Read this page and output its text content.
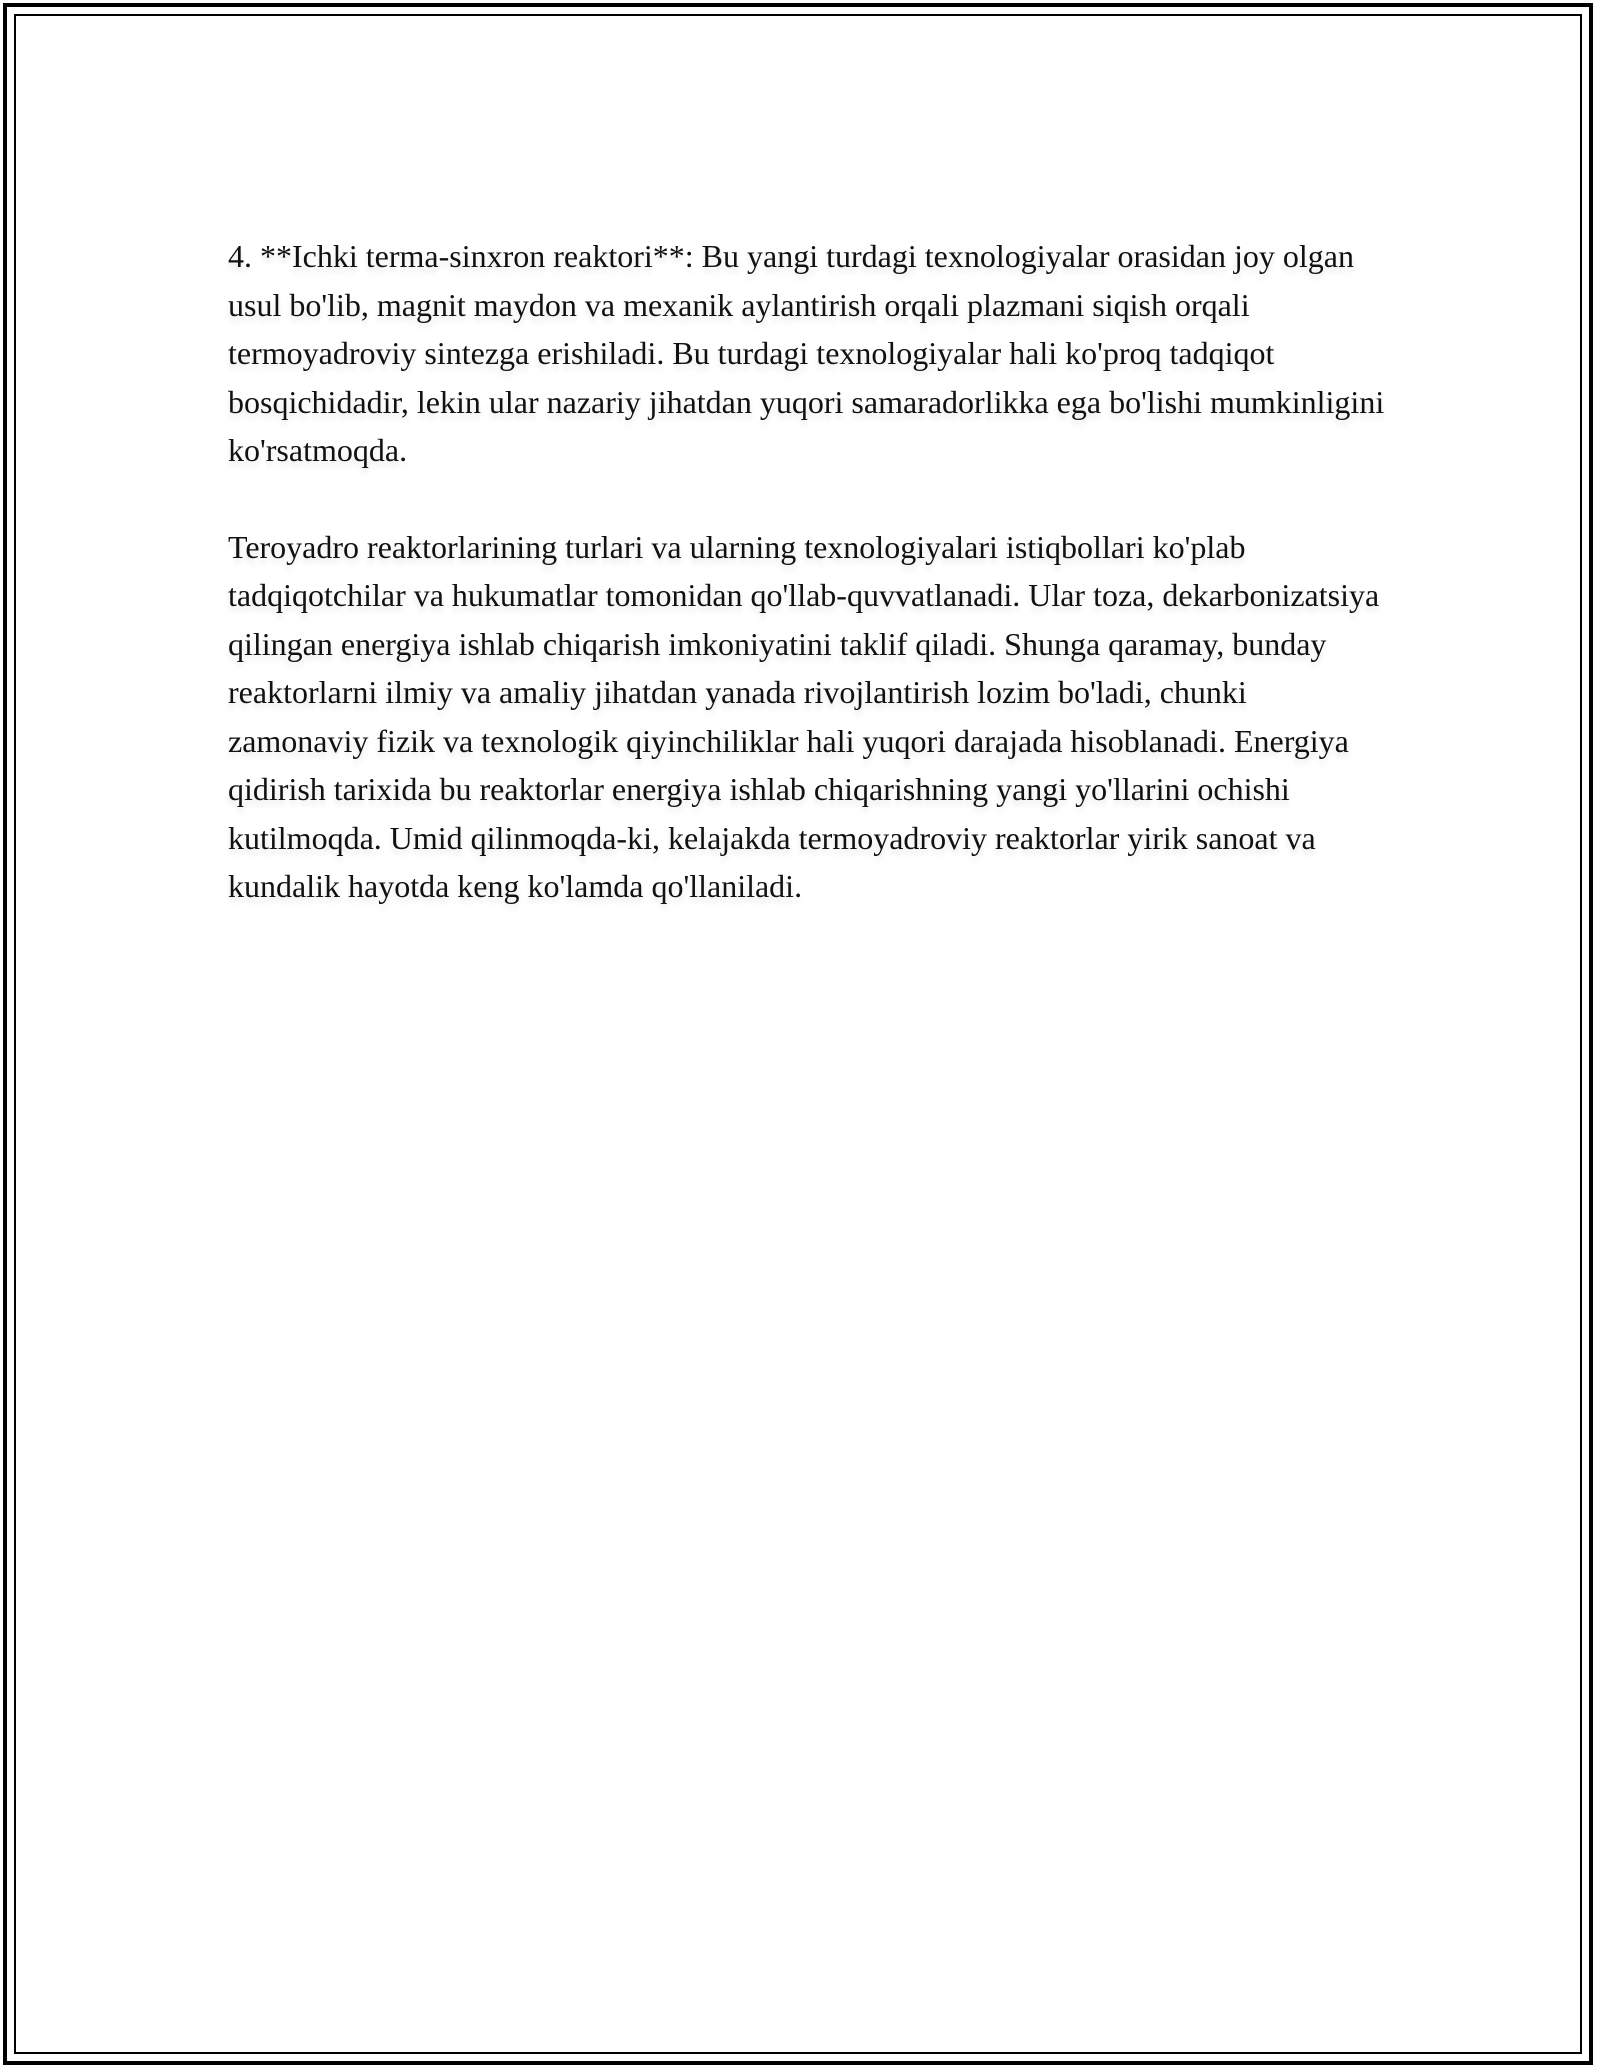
4. **Ichki terma-sinxron reaktori**: Bu yangi turdagi texnologiyalar orasidan joy olgan usul bo'lib, magnit maydon va mexanik aylantirish orqali plazmani siqish orqali termoyadroviy sintezga erishiladi. Bu turdagi texnologiyalar hali ko'proq tadqiqot bosqichidadir, lekin ular nazariy jihatdan yuqori samaradorlikka ega bo'lishi mumkinligini ko'rsatmoqda.

Teroyadro reaktorlarining turlari va ularning texnologiyalari istiqbollari ko'plab tadqiqotchilar va hukumatlar tomonidan qo'llab-quvvatlanadi. Ular toza, dekarbonizatsiya qilingan energiya ishlab chiqarish imkoniyatini taklif qiladi. Shunga qaramay, bunday reaktorlarni ilmiy va amaliy jihatdan yanada rivojlantirish lozim bo'ladi, chunki zamonaviy fizik va texnologik qiyinchiliklar hali yuqori darajada hisoblanadi. Energiya qidirish tarixida bu reaktorlar energiya ishlab chiqarishning yangi yo'llarini ochishi kutilmoqda. Umid qilinmoqda-ki, kelajakda termoyadroviy reaktorlar yirik sanoat va kundalik hayotda keng ko'lamda qo'llaniladi.
